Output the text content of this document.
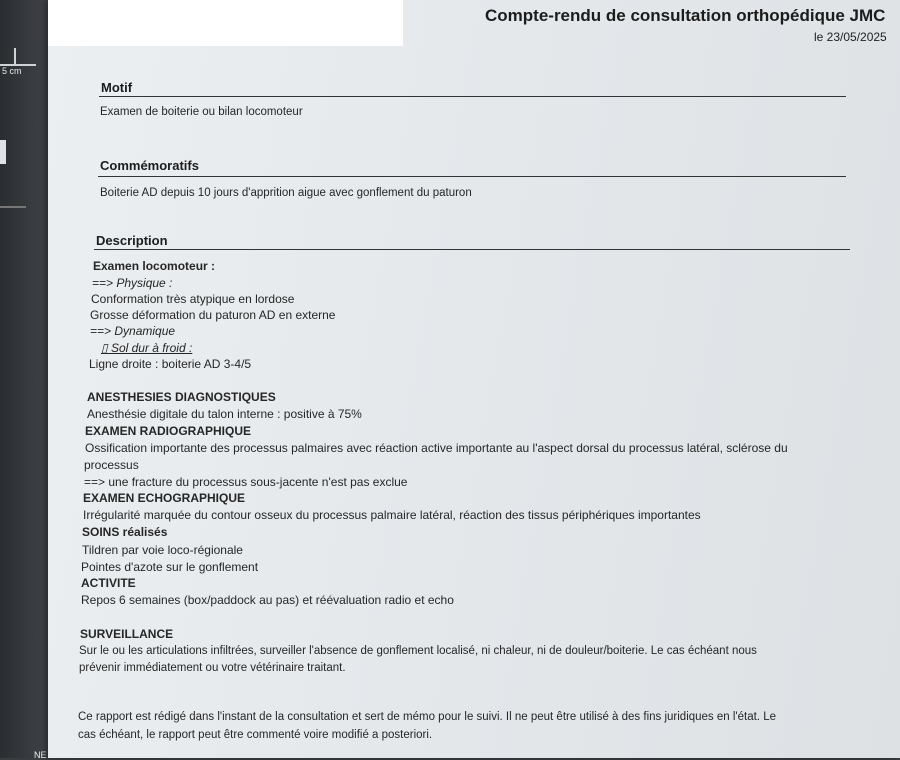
5 cm
NE
Compte-rendu de consultation orthopédique JMC
le 23/05/2025
Motif
Examen de boiterie ou bilan locomoteur
Commémoratifs
Boiterie AD depuis 10 jours d'apprition aigue avec gonflement du paturon
Description
Examen locomoteur :
==> Physique :
Conformation très atypique en lordose
Grosse déformation du paturon AD en externe
==> Dynamique
▯ Sol dur à froid :
Ligne droite : boiterie AD 3-4/5
ANESTHESIES DIAGNOSTIQUES
Anesthésie digitale du talon interne : positive à 75%
EXAMEN RADIOGRAPHIQUE
Ossification importante des processus palmaires avec réaction active importante au l'aspect dorsal du processus latéral, sclérose du
processus
==> une fracture du processus sous-jacente n'est pas exclue
EXAMEN ECHOGRAPHIQUE
Irrégularité marquée du contour osseux du processus palmaire latéral, réaction des tissus périphériques importantes
SOINS réalisés
Tildren par voie loco-régionale
Pointes d'azote sur le gonflement
ACTIVITE
Repos 6 semaines (box/paddock au pas) et réévaluation radio et echo
SURVEILLANCE
Sur le ou les articulations infiltrées, surveiller l'absence de gonflement localisé, ni chaleur, ni de douleur/boiterie. Le cas échéant nous
prévenir immédiatement ou votre vétérinaire traitant.
Ce rapport est rédigé dans l'instant de la consultation et sert de mémo pour le suivi. Il ne peut être utilisé à des fins juridiques en l'état. Le
cas échéant, le rapport peut être commenté voire modifié a posteriori.
